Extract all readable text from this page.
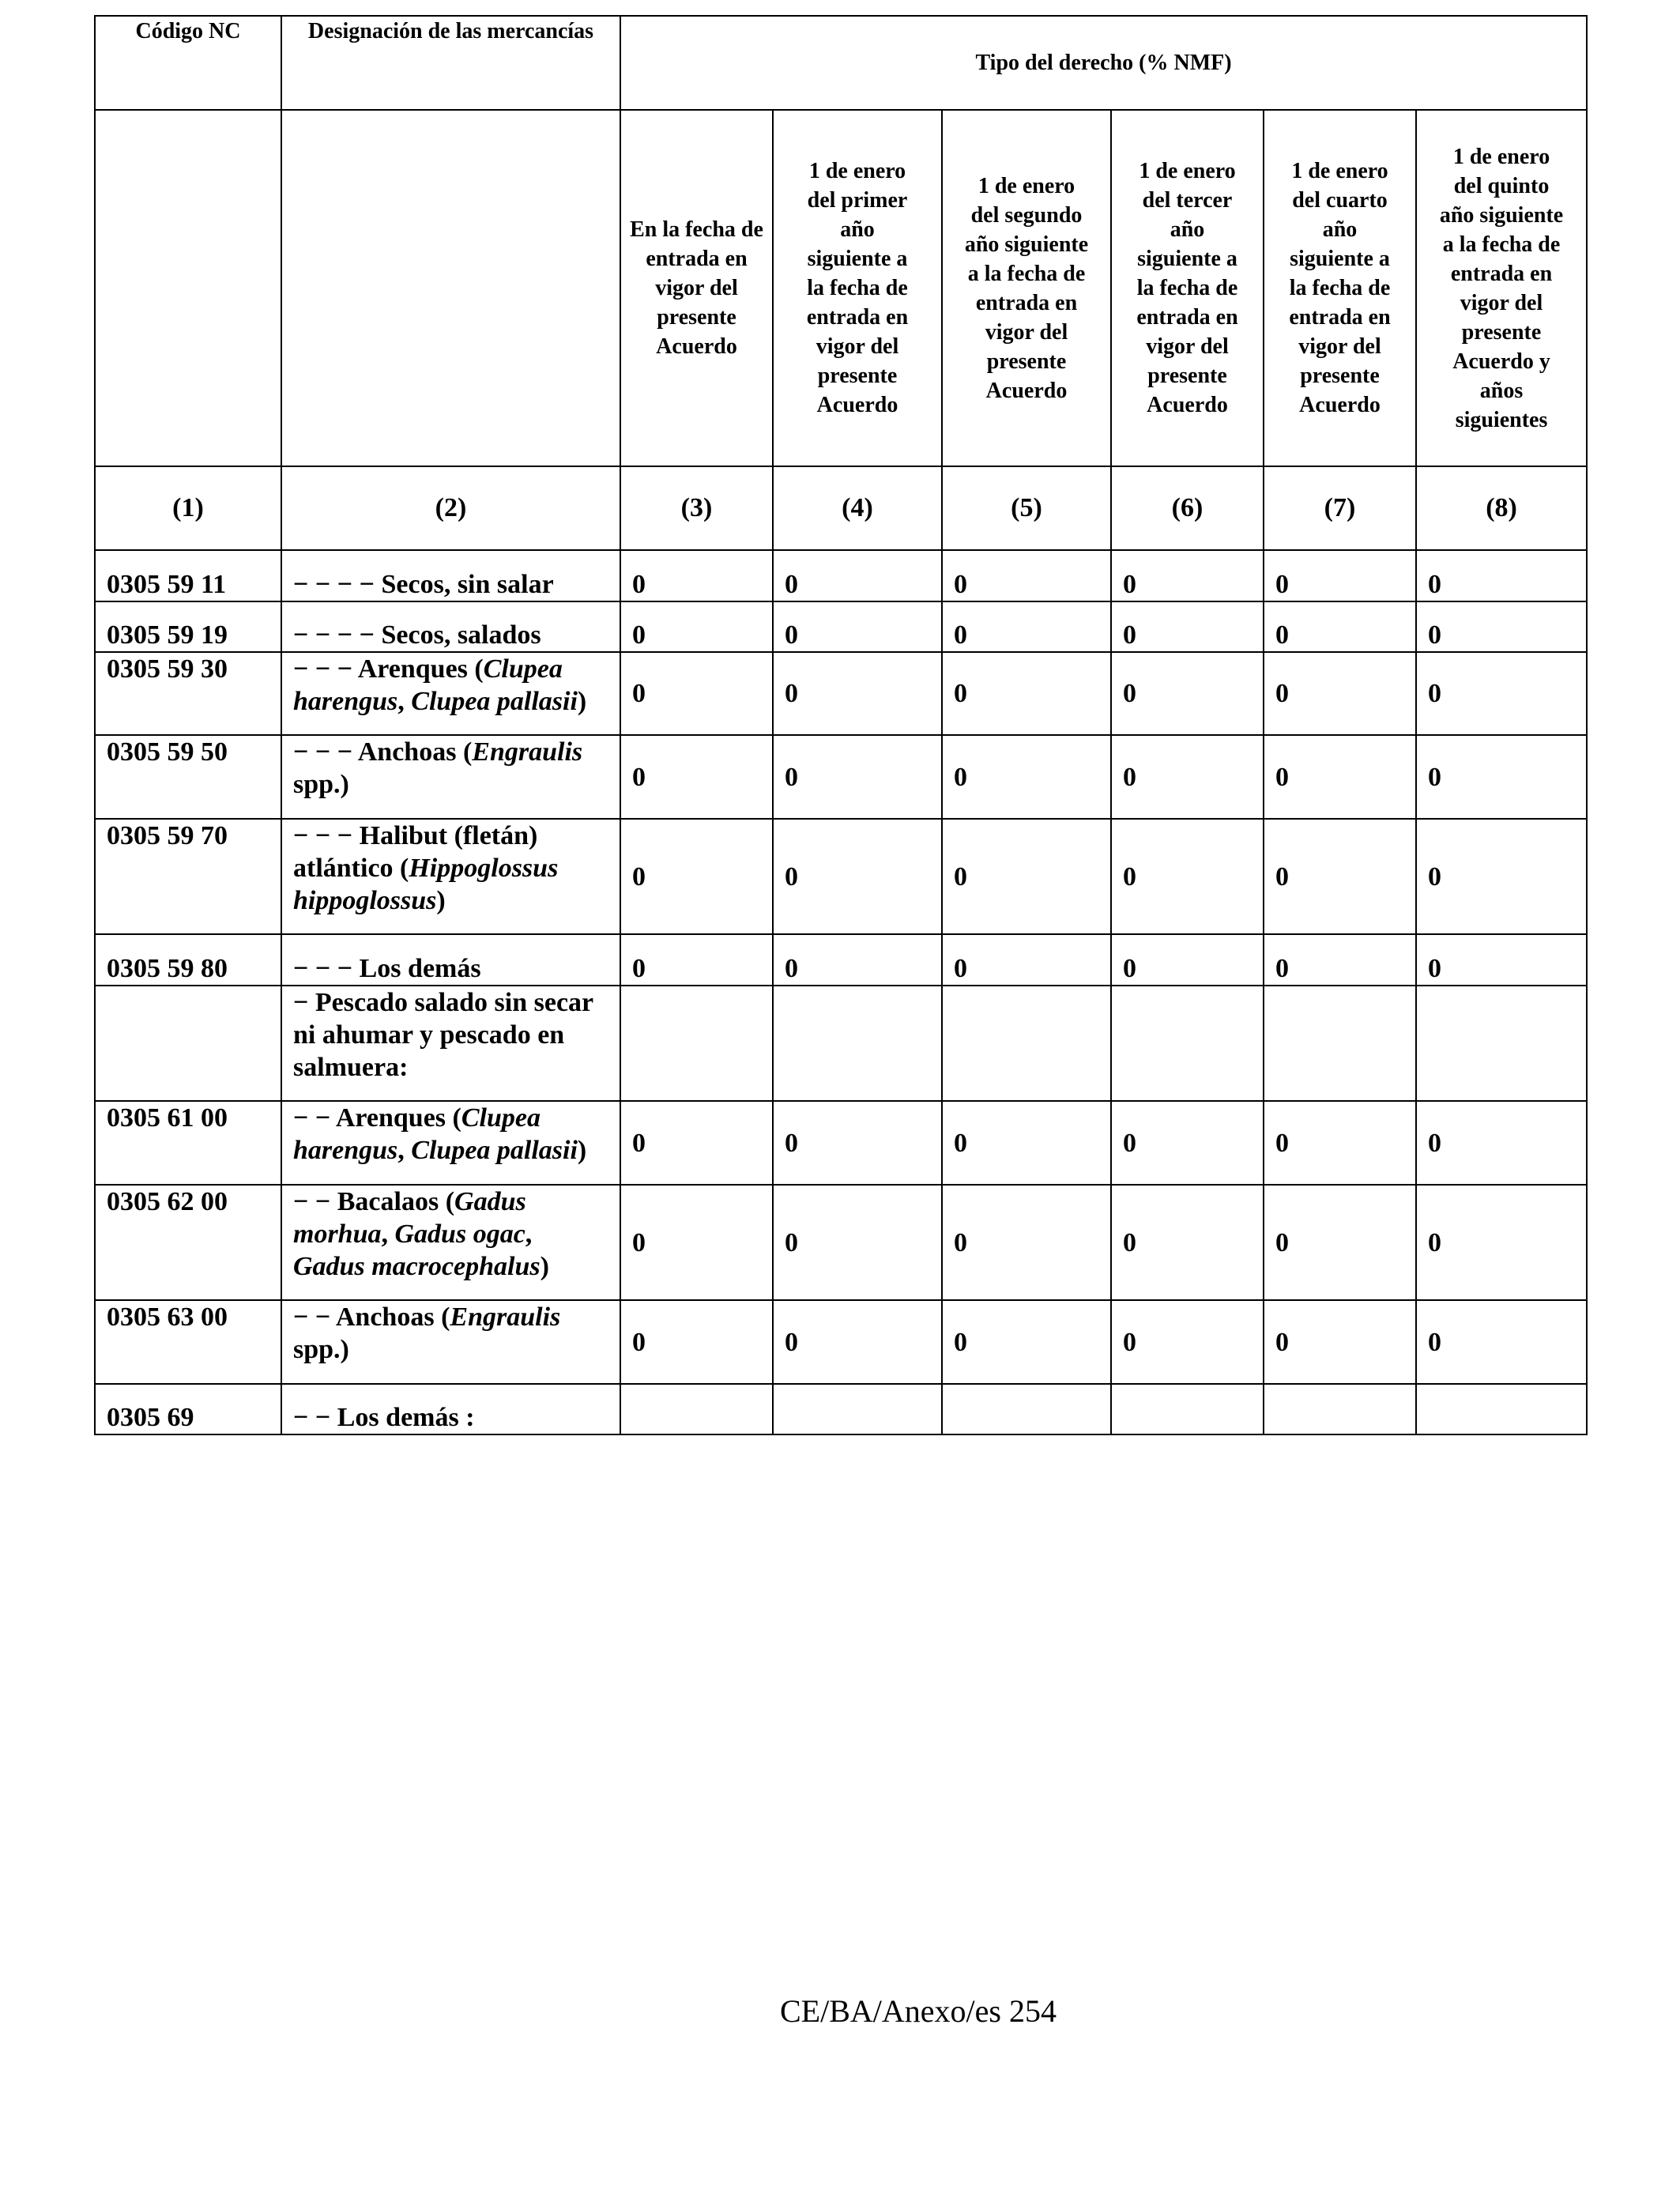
Código NC	Designación de las mercancías	Tipo del derecho (% NMF)					
		En la fecha de entrada en vigor del presente Acuerdo	1 de enero del primer año siguiente a la fecha de entrada en vigor del presente Acuerdo	1 de enero del segundo año siguiente a la fecha de entrada en vigor del presente Acuerdo	1 de enero del tercer año siguiente a la fecha de entrada en vigor del presente Acuerdo	1 de enero del cuarto año siguiente a la fecha de entrada en vigor del presente Acuerdo	1 de enero del quinto año siguiente a la fecha de entrada en vigor del presente Acuerdo y años siguientes
(1)	(2)	(3)	(4)	(5)	(6)	(7)	(8)
0305 59 11	− − − − Secos, sin salar	0	0	0	0	0	0
0305 59 19	− − − − Secos, salados	0	0	0	0	0	0
0305 59 30	− − − Arenques (Clupea harengus, Clupea pallasii)	0	0	0	0	0	0
0305 59 50	− − − Anchoas (Engraulis spp.)	0	0	0	0	0	0
0305 59 70	− − − Halibut (fletán) atlántico (Hippoglossus hippoglossus)	0	0	0	0	0	0
0305 59 80	− − − Los demás	0	0	0	0	0	0
	− Pescado salado sin secar ni ahumar y pescado en salmuera:						
0305 61 00	− − Arenques (Clupea harengus, Clupea pallasii)	0	0	0	0	0	0
0305 62 00	− − Bacalaos (Gadus morhua, Gadus ogac, Gadus macrocephalus)	0	0	0	0	0	0
0305 63 00	− − Anchoas (Engraulis spp.)	0	0	0	0	0	0
0305 69	− − Los demás :						
CE/BA/Anexo/es 254
